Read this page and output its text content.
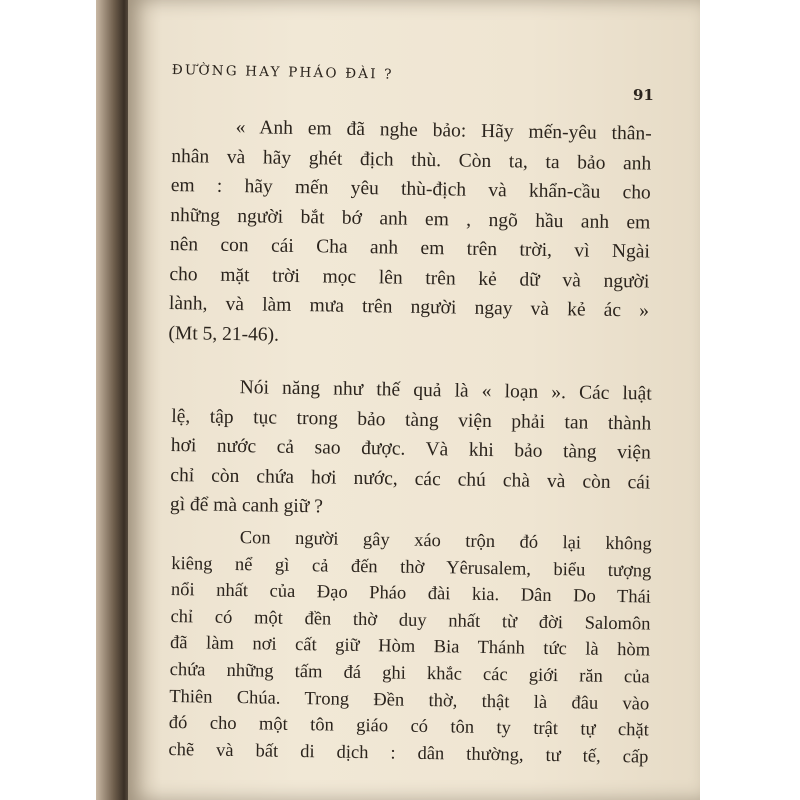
ĐƯỜNG HAY PHÁO ĐÀI ?
91
« Anh em đã nghe bảo: Hãy mến-yêu thân-
nhân và hãy ghét địch thù. Còn ta, ta bảo anh
em : hãy mến yêu thù-địch và khẩn-cầu cho
những người bắt bớ anh em , ngõ hầu anh em
nên con cái Cha anh em trên trời, vì Ngài
cho mặt trời mọc lên trên kẻ dữ và người
lành, và làm mưa trên người ngay và kẻ ác »
(Mt 5, 21-46).
Nói năng như thế quả là « loạn ». Các luật
lệ, tập tục trong bảo tàng viện phải tan thành
hơi nước cả sao được. Và khi bảo tàng viện
chỉ còn chứa hơi nước, các chú chà và còn cái
gì để mà canh giữ ?
Con người gây xáo trộn đó lại không
kiêng nể gì cả đến thờ Yêrusalem, biểu tượng
nổi nhất của Đạo Pháo đài kia. Dân Do Thái
chỉ có một đền thờ duy nhất từ đời Salomôn
đã làm nơi cất giữ Hòm Bia Thánh tức là hòm
chứa những tấm đá ghi khắc các giới răn của
Thiên Chúa. Trong Đền thờ, thật là đâu vào
đó cho một tôn giáo có tôn ty trật tự chặt
chẽ và bất di dịch : dân thường, tư tế, cấp
